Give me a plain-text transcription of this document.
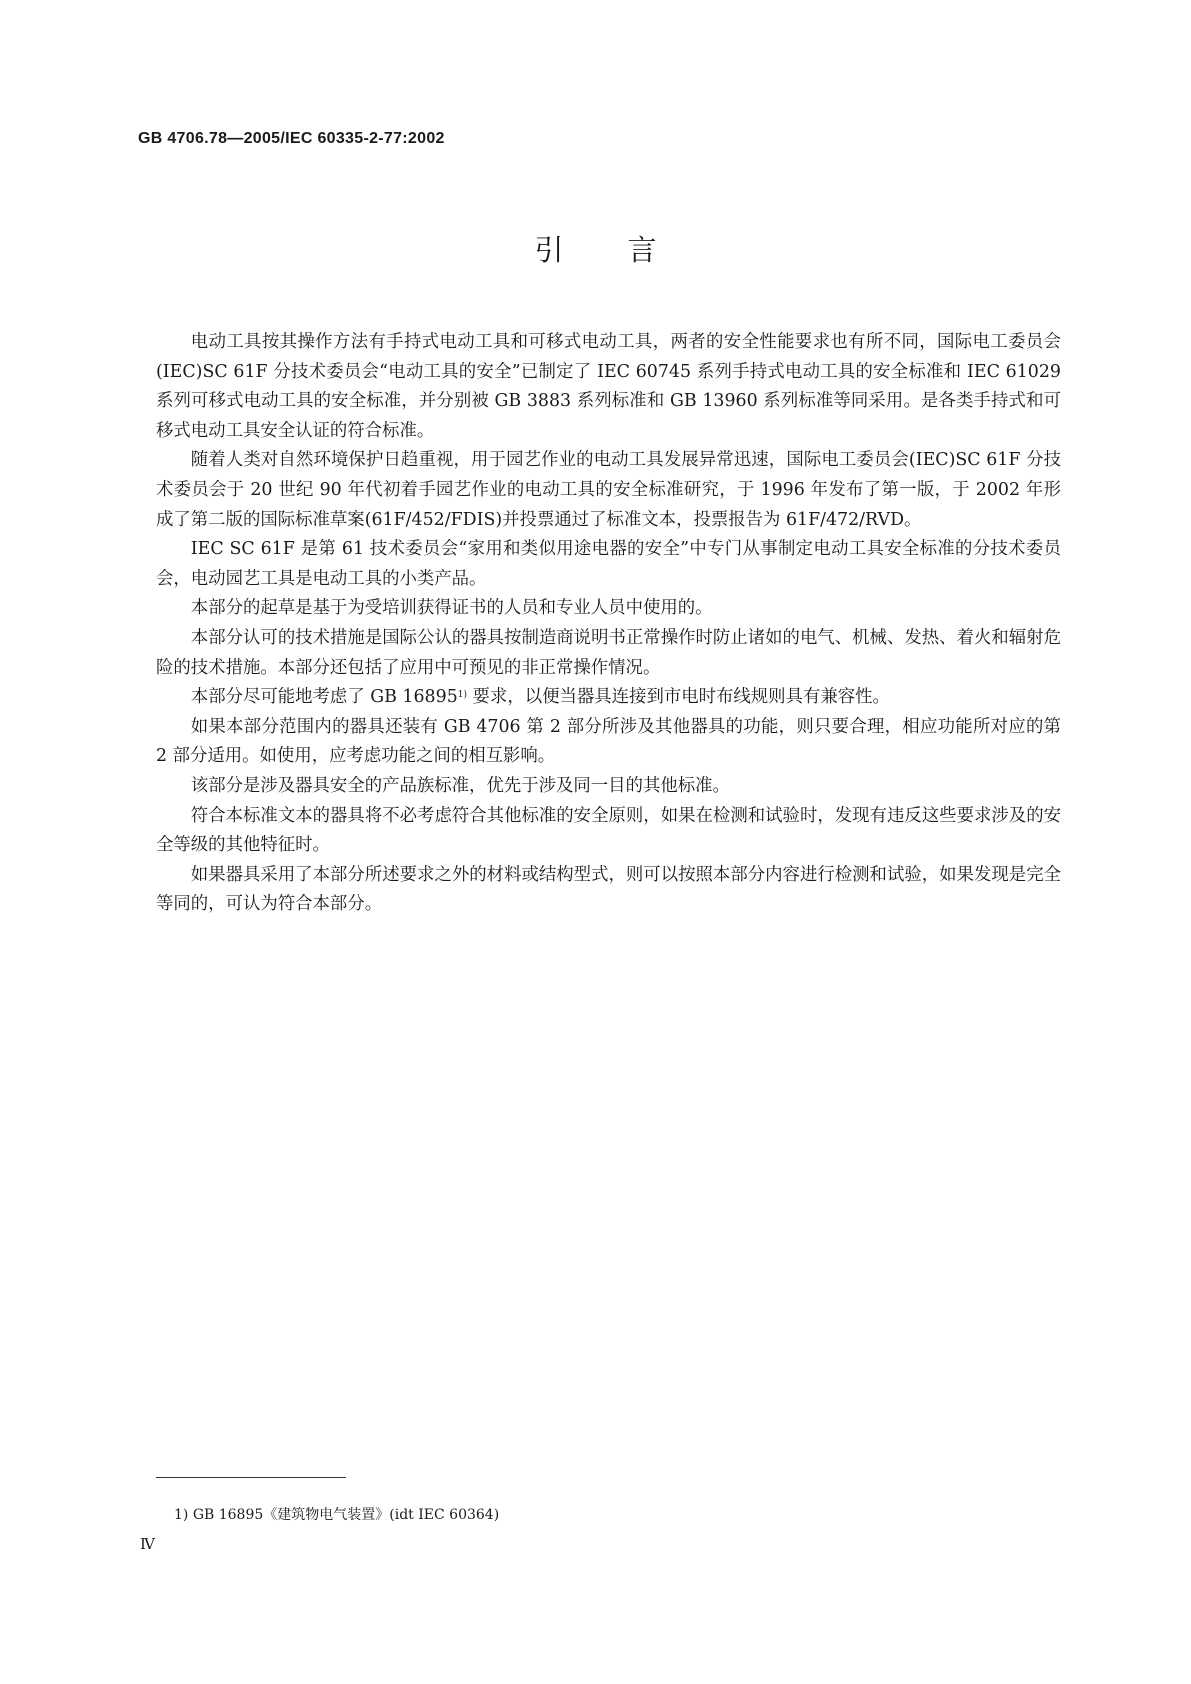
GB 4706.78—2005/IEC 60335-2-77:2002
引言

电动工具按其操作方法有手持式电动工具和可移式电动工具，两者的安全性能要求也有所不同，国际电工委员会(IEC)SC 61F 分技术委员会“电动工具的安全”已制定了 IEC 60745 系列手持式电动工具的安全标准和 IEC 61029 系列可移式电动工具的安全标准，并分别被 GB 3883 系列标准和 GB 13960 系列标准等同采用。是各类手持式和可移式电动工具安全认证的符合标准。

随着人类对自然环境保护日趋重视，用于园艺作业的电动工具发展异常迅速，国际电工委员会(IEC)SC 61F 分技术委员会于 20 世纪 90 年代初着手园艺作业的电动工具的安全标准研究，于 1996 年发布了第一版，于 2002 年形成了第二版的国际标准草案(61F/452/FDIS)并投票通过了标准文本，投票报告为 61F/472/RVD。

IEC SC 61F 是第 61 技术委员会“家用和类似用途电器的安全”中专门从事制定电动工具安全标准的分技术委员会，电动园艺工具是电动工具的小类产品。

本部分的起草是基于为受培训获得证书的人员和专业人员中使用的。

本部分认可的技术措施是国际公认的器具按制造商说明书正常操作时防止诸如的电气、机械、发热、着火和辐射危险的技术措施。本部分还包括了应用中可预见的非正常操作情况。

本部分尽可能地考虑了 GB 16895$^{1)}$ 要求，以便当器具连接到市电时布线规则具有兼容性。

如果本部分范围内的器具还装有 GB 4706 第 2 部分所涉及其他器具的功能，则只要合理，相应功能所对应的第 2 部分适用。如使用，应考虑功能之间的相互影响。

该部分是涉及器具安全的产品族标准，优先于涉及同一目的其他标准。

符合本标准文本的器具将不必考虑符合其他标准的安全原则，如果在检测和试验时，发现有违反这些要求涉及的安全等级的其他特征时。

如果器具采用了本部分所述要求之外的材料或结构型式，则可以按照本部分内容进行检测和试验，如果发现是完全等同的，可认为符合本部分。

1) GB 16895《建筑物电气装置》(idt IEC 60364)
Ⅳ
